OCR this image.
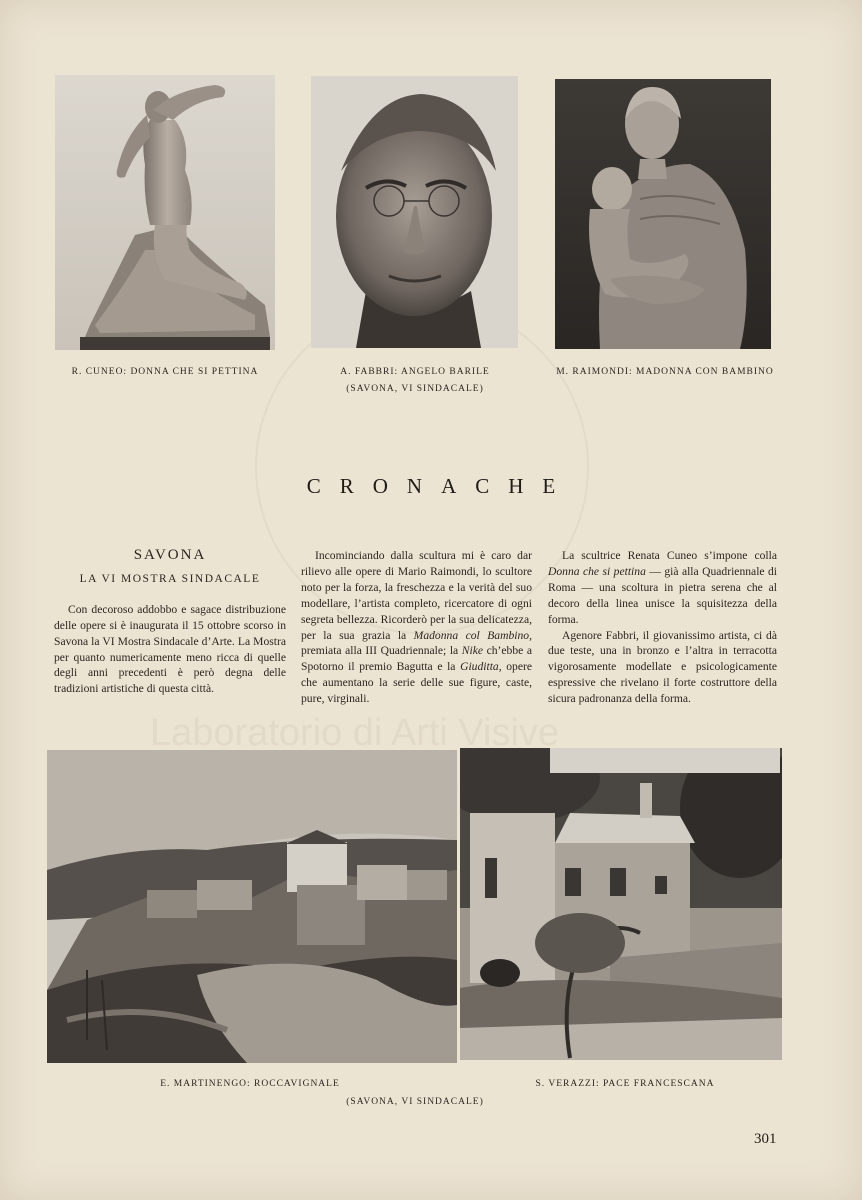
Laboratorio di Arti Visive
R. CUNEO: DONNA CHE SI PETTINA	A. FABBRI: ANGELO BARILE
(SAVONA, VI SINDACALE)
M. RAIMONDI: MADONNA CON BAMBINO
CRONACHE

SAVONA

LA VI MOSTRA SINDACALE

Con decoroso addobbo e sagace distribuzione delle opere si è inaugurata il 15 ottobre scorso in Savona la VI Mostra Sindacale d’Arte. La Mostra per quanto numericamente meno ricca di quelle degli anni precedenti è però degna delle tradizioni artistiche di questa città.

Incominciando dalla scultura mi è caro dar rilievo alle opere di Mario Raimondi, lo scultore noto per la forza, la freschezza e la verità del suo modellare, l’artista completo, ricercatore di ogni segreta bellezza. Ricorderò per la sua delicatezza, per la sua grazia la Madonna col Bambino, premiata alla III Quadriennale; la Nike ch’ebbe a Spotorno il premio Bagutta e la Giuditta, opere che aumentano la serie delle sue figure, caste, pure, virginali.

La scultrice Renata Cuneo s’impone colla Donna che si pettina — già alla Quadriennale di Roma — una scoltura in pietra serena che al decoro della linea unisce la squisitezza della forma.

Agenore Fabbri, il giovanissimo artista, ci dà due teste, una in bronzo e l’altra in terracotta vigorosamente modellate e psicologicamente espressive che rivelano il forte costruttore della sicura padronanza della forma.

E. MARTINENGO: ROCCAVIGNALE	S. VERAZZI: PACE FRANCESCANA
(SAVONA, VI SINDACALE)
301
